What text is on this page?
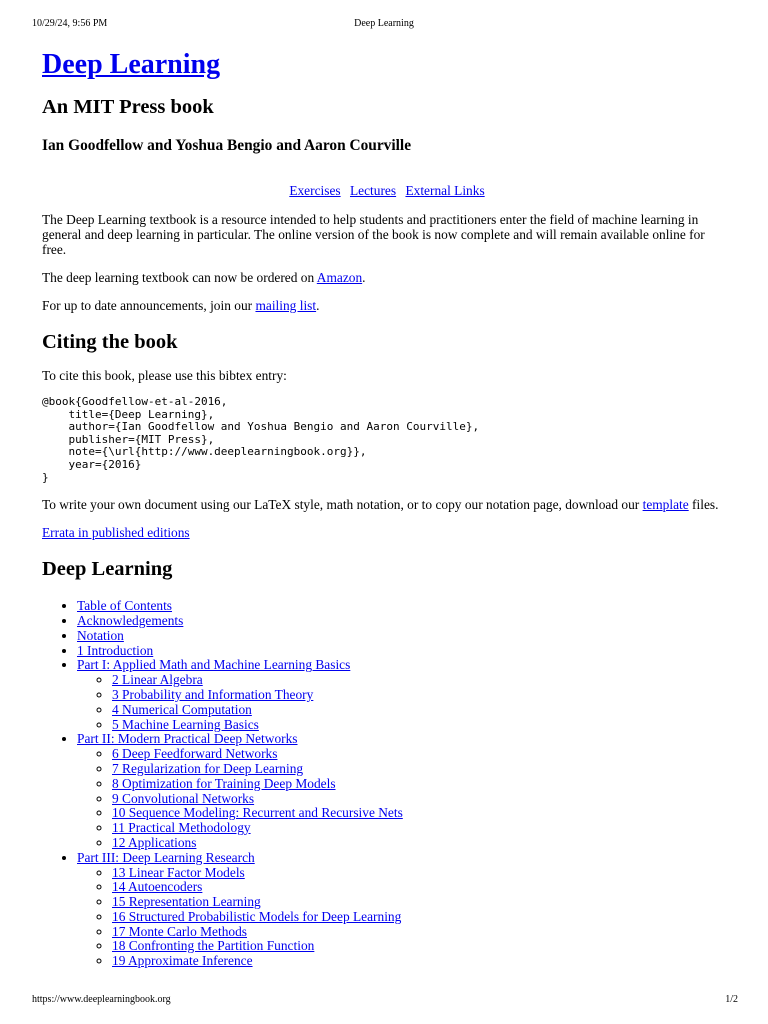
10/29/24, 9:56 PM	Deep Learning
Deep Learning
An MIT Press book
Ian Goodfellow and Yoshua Bengio and Aaron Courville
Exercises Lectures External Links

The Deep Learning textbook is a resource intended to help students and practitioners enter the field of machine learning in general and deep learning in particular. The online version of the book is now complete and will remain available online for free.

The deep learning textbook can now be ordered on Amazon.

For up to date announcements, join our mailing list.

Citing the book

To cite this book, please use this bibtex entry:

@book{Goodfellow-et-al-2016,
title={Deep Learning},
author={Ian Goodfellow and Yoshua Bengio and Aaron Courville},
publisher={MIT Press},
note={\url{http://www.deeplearningbook.org}},
year={2016}
}

To write your own document using our LaTeX style, math notation, or to copy our notation page, download our template files.

Errata in published editions

Deep Learning
• Table of Contents
• Acknowledgements
• Notation
• 1 Introduction
• Part I: Applied Math and Machine Learning Basics
◦ 2 Linear Algebra
◦ 3 Probability and Information Theory
◦ 4 Numerical Computation
◦ 5 Machine Learning Basics
• Part II: Modern Practical Deep Networks
◦ 6 Deep Feedforward Networks
◦ 7 Regularization for Deep Learning
◦ 8 Optimization for Training Deep Models
◦ 9 Convolutional Networks
◦ 10 Sequence Modeling: Recurrent and Recursive Nets
◦ 11 Practical Methodology
◦ 12 Applications
• Part III: Deep Learning Research
◦ 13 Linear Factor Models
◦ 14 Autoencoders
◦ 15 Representation Learning
◦ 16 Structured Probabilistic Models for Deep Learning
◦ 17 Monte Carlo Methods
◦ 18 Confronting the Partition Function
◦ 19 Approximate Inference
https://www.deeplearningbook.org	1/2
